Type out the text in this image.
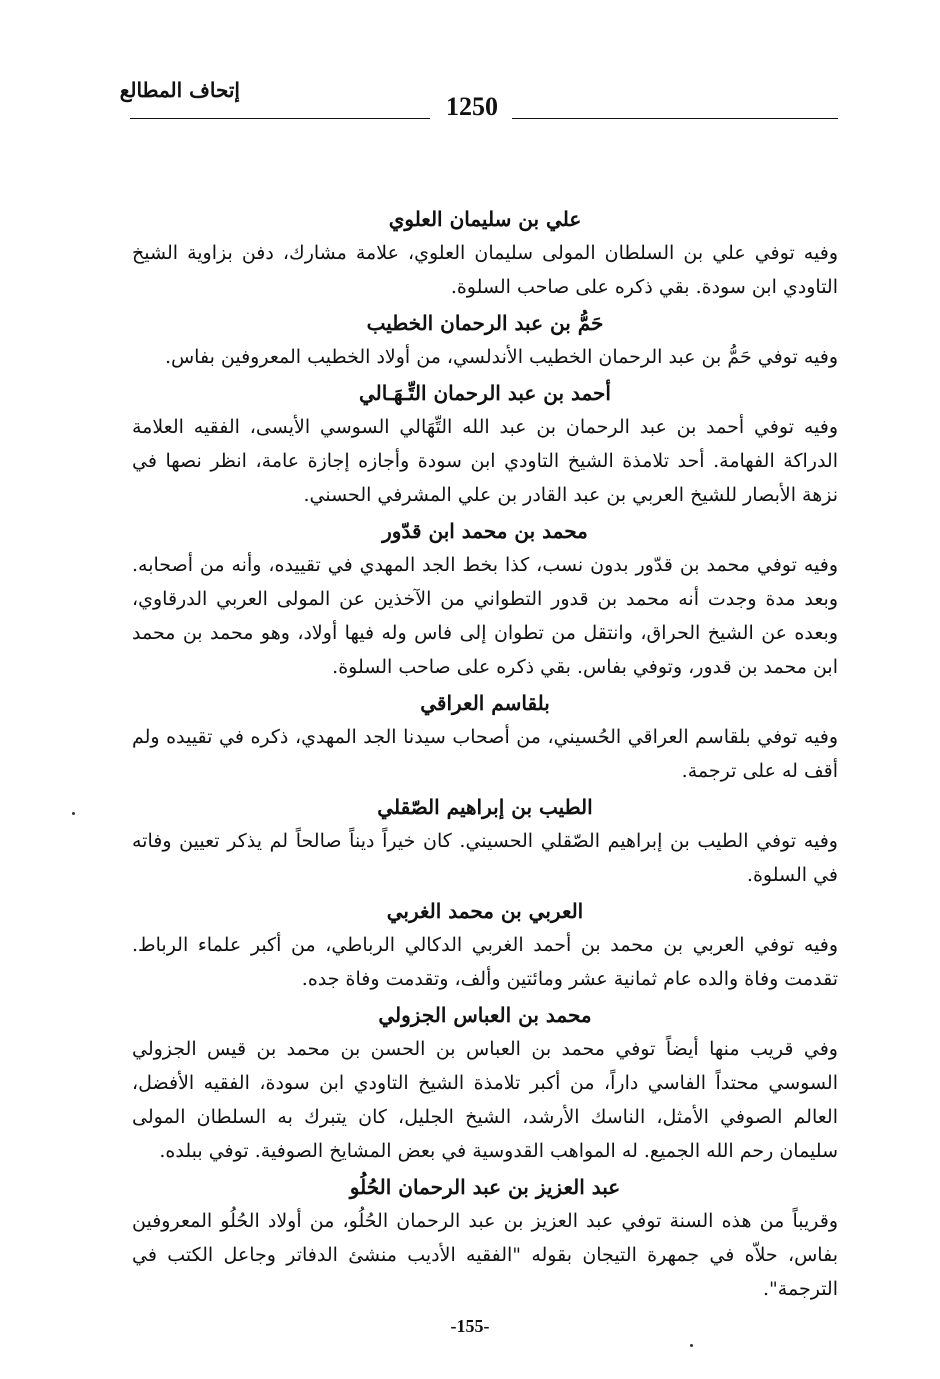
إتحاف المطالع
1250
علي بن سليمان العلوي

وفيه توفي علي بن السلطان المولى سليمان العلوي، علامة مشارك، دفن بزاوية الشيخ التاودي ابن سودة. بقي ذكره على صاحب السلوة.

حَمُّ بن عبد الرحمان الخطيب

وفيه توفي حَمُّ بن عبد الرحمان الخطيب الأندلسي، من أولاد الخطيب المعروفين بفاس.

أحمد بن عبد الرحمان التِّـهَـالي

وفيه توفي أحمد بن عبد الرحمان بن عبد الله التِّهَالي السوسي الأيسى، الفقيه العلامة الدراكة الفهامة. أحد تلامذة الشيخ التاودي ابن سودة وأجازه إجازة عامة، انظر نصها في نزهة الأبصار للشيخ العربي بن عبد القادر بن علي المشرفي الحسني.

محمد بن محمد ابن قدّور

وفيه توفي محمد بن قدّور بدون نسب، كذا بخط الجد المهدي في تقييده، وأنه من أصحابه. وبعد مدة وجدت أنه محمد بن قدور التطواني من الآخذين عن المولى العربي الدرقاوي، وبعده عن الشيخ الحراق، وانتقل من تطوان إلى فاس وله فيها أولاد، وهو محمد بن محمد ابن محمد بن قدور، وتوفي بفاس. بقي ذكره على صاحب السلوة.

بلقاسم العراقي

وفيه توفي بلقاسم العراقي الحُسيني، من أصحاب سيدنا الجد المهدي، ذكره في تقييده ولم أقف له على ترجمة.

الطيب بن إبراهيم الصّقلي

وفيه توفي الطيب بن إبراهيم الصّقلي الحسيني. كان خيراً ديناً صالحاً لم يذكر تعيين وفاته في السلوة.

العربي بن محمد الغربي

وفيه توفي العربي بن محمد بن أحمد الغربي الدكالي الرباطي، من أكبر علماء الرباط. تقدمت وفاة والده عام ثمانية عشر ومائتين وألف، وتقدمت وفاة جده.

محمد بن العباس الجزولي

وفي قريب منها أيضاً توفي محمد بن العباس بن الحسن بن محمد بن قيس الجزولي السوسي محتداً الفاسي داراً، من أكبر تلامذة الشيخ التاودي ابن سودة، الفقيه الأفضل، العالم الصوفي الأمثل، الناسك الأرشد، الشيخ الجليل، كان يتبرك به السلطان المولى سليمان رحم الله الجميع. له المواهب القدوسية في بعض المشايخ الصوفية. توفي ببلده.

عبد العزيز بن عبد الرحمان الحُلُو

وقريباً من هذه السنة توفي عبد العزيز بن عبد الرحمان الحُلُو، من أولاد الحُلُو المعروفين بفاس، حلاّه في جمهرة التيجان بقوله "الفقيه الأديب منشئ الدفاتر وجاعل الكتب في الترجمة".

-155-
